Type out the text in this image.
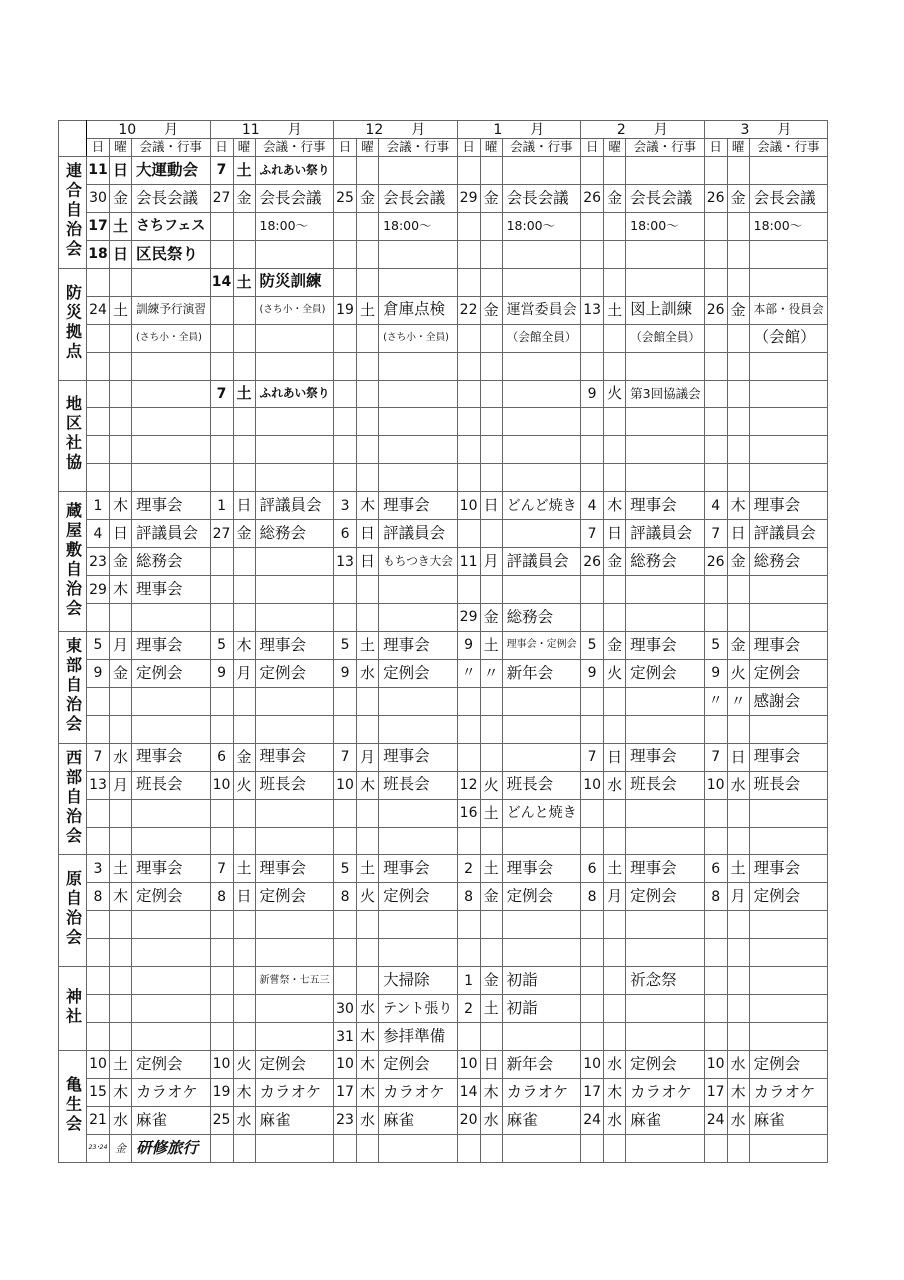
	10　　月			11　　月			12　　月			1　　月			2　　月			3　　月		
	日	曜	会議・行事	日	曜	会議・行事	日	曜	会議・行事	日	曜	会議・行事	日	曜	会議・行事	日	曜	会議・行事
連合自治会	11	日	大運動会	7	土	ふれあい祭り												
	30	金	会長会議	27	金	会長会議	25	金	会長会議	29	金	会長会議	26	金	会長会議	26	金	会長会議
	17	土	さちフェス			18:00～			18:00～			18:00～			18:00～			18:00～
	18	日	区民祭り															
防災拠点				14	土	防災訓練												
	24	土	訓練予行演習			(さち小・全員)	19	土	倉庫点検	22	金	運営委員会	13	土	図上訓練	26	金	本部・役員会
			(さち小・全員)						(さち小・全員)			（会館全員）			（会館全員）			（会館）

地区社協				7	土	ふれあい祭り							9	火	第3回協議会			

蔵屋敷自治会	1	木	理事会	1	日	評議員会	3	木	理事会	10	日	どんど焼き	4	木	理事会	4	木	理事会
	4	日	評議員会	27	金	総務会	6	日	評議員会				7	日	評議員会	7	日	評議員会
	23	金	総務会				13	日	もちつき大会	11	月	評議員会	26	金	総務会	26	金	総務会
	29	木	理事会															
										29	金	総務会						
東部自治会	5	月	理事会	5	木	理事会	5	土	理事会	9	土	理事会・定例会	5	金	理事会	5	金	理事会
	9	金	定例会	9	月	定例会	9	水	定例会	〃	〃	新年会	9	火	定例会	9	火	定例会
																〃	〃	感謝会

西部自治会	7	水	理事会	6	金	理事会	7	月	理事会				7	日	理事会	7	日	理事会
	13	月	班長会	10	火	班長会	10	木	班長会	12	火	班長会	10	水	班長会	10	水	班長会
										16	土	どんと焼き						

原自治会	3	土	理事会	7	土	理事会	5	土	理事会	2	土	理事会	6	土	理事会	6	土	理事会
	8	木	定例会	8	日	定例会	8	火	定例会	8	金	定例会	8	月	定例会	8	月	定例会

神社						新嘗祭・七五三			大掃除	1	金	初詣			祈念祭			
							30	水	テント張り	2	土	初詣						
							31	木	参拝準備									
亀生会	10	土	定例会	10	火	定例会	10	木	定例会	10	日	新年会	10	水	定例会	10	水	定例会
	15	木	カラオケ	19	木	カラオケ	17	木	カラオケ	14	木	カラオケ	17	木	カラオケ	17	木	カラオケ
	21	水	麻雀	25	水	麻雀	23	水	麻雀	20	水	麻雀	24	水	麻雀	24	水	麻雀
	23･24	金	研修旅行															
